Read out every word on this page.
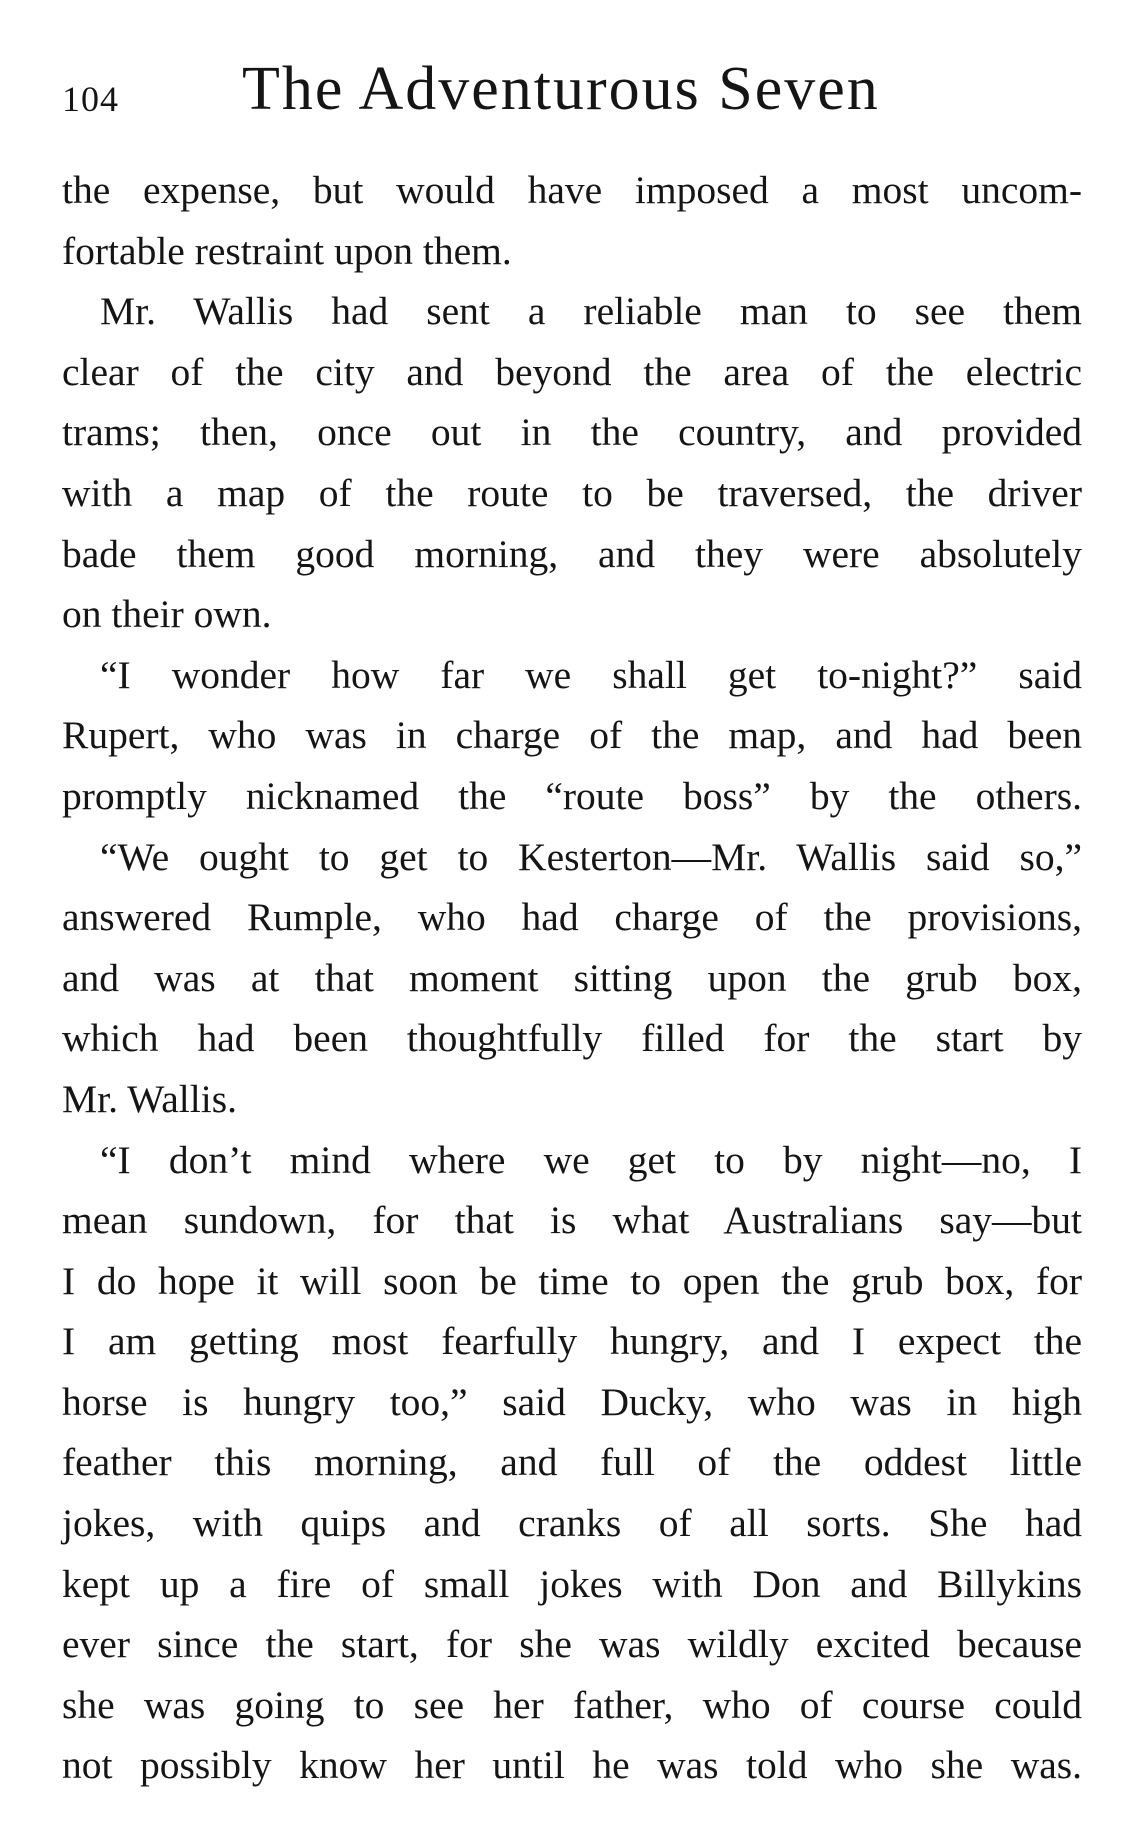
104 The Adventurous Seven
the expense, but would have imposed a most uncom-
fortable restraint upon them.
Mr. Wallis had sent a reliable man to see them
clear of the city and beyond the area of the electric
trams; then, once out in the country, and provided
with a map of the route to be traversed, the driver
bade them good morning, and they were absolutely
on their own.
“I wonder how far we shall get to-night?” said
Rupert, who was in charge of the map, and had been
promptly nicknamed the “route boss” by the others.
“We ought to get to Kesterton—Mr. Wallis said so,”
answered Rumple, who had charge of the provisions,
and was at that moment sitting upon the grub box,
which had been thoughtfully filled for the start by
Mr. Wallis.
“I don’t mind where we get to by night—no, I
mean sundown, for that is what Australians say—but
I do hope it will soon be time to open the grub box, for
I am getting most fearfully hungry, and I expect the
horse is hungry too,” said Ducky, who was in high
feather this morning, and full of the oddest little
jokes, with quips and cranks of all sorts. She had
kept up a fire of small jokes with Don and Billykins
ever since the start, for she was wildly excited because
she was going to see her father, who of course could
not possibly know her until he was told who she was.
